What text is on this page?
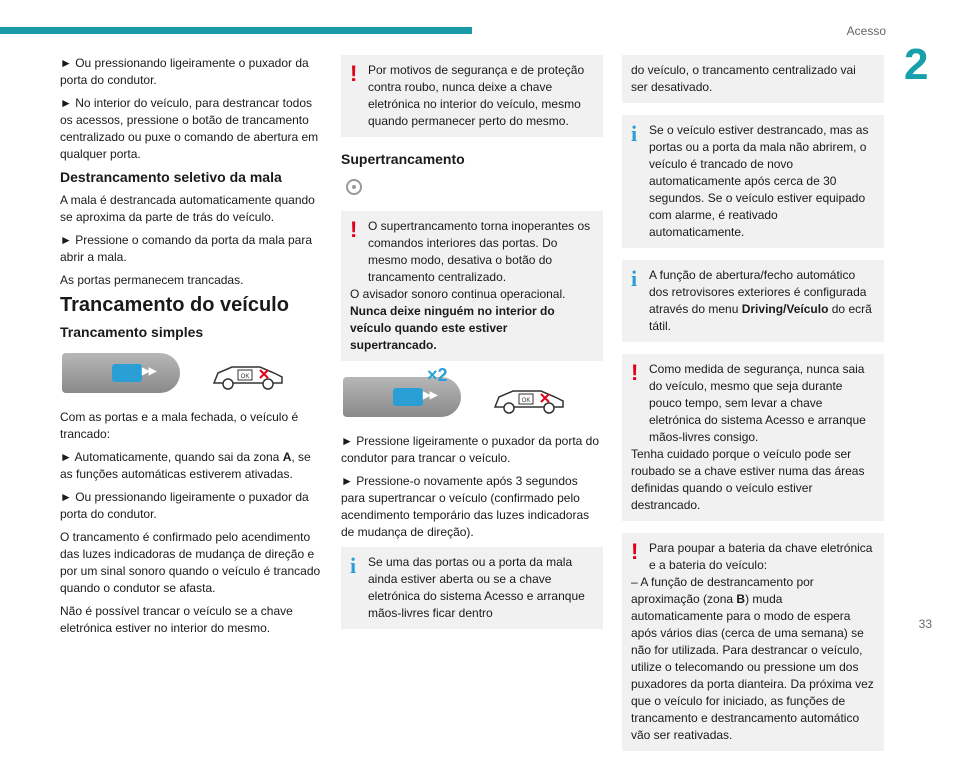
Acesso
2
33

► Ou pressionando ligeiramente o puxador da porta do condutor.

► No interior do veículo, para destrancar todos os acessos, pressione o botão de trancamento centralizado ou puxe o comando de abertura em qualquer porta.

Destrancamento seletivo da mala

A mala é destrancada automaticamente quando se aproxima da parte de trás do veículo.

► Pressione o comando da porta da mala para abrir a mala.

As portas permanecem trancadas.

Trancamento do veículo
Trancamento simples
▶▶	OK

Com as portas e a mala fechada, o veículo é trancado:

► Automaticamente, quando sai da zona A, se as funções automáticas estiverem ativadas.

► Ou pressionando ligeiramente o puxador da porta do condutor.

O trancamento é confirmado pelo acendimento das luzes indicadoras de mudança de direção e por um sinal sonoro quando o veículo é trancado quando o condutor se afasta.

Não é possível trancar o veículo se a chave eletrónica estiver no interior do mesmo.

! Por motivos de segurança e de proteção contra roubo, nunca deixe a chave eletrónica no interior do veículo, mesmo quando permanecer perto do mesmo.
Supertrancamento
! O supertrancamento torna inoperantes os comandos interiores das portas. Do mesmo modo, desativa o botão do trancamento centralizado.
O avisador sonoro continua operacional.
Nunca deixe ninguém no interior do veículo quando este estiver supertrancado.
▶▶
×2
OK

► Pressione ligeiramente o puxador da porta do condutor para trancar o veículo.

► Pressione-o novamente após 3 segundos para supertrancar o veículo (confirmado pelo acendimento temporário das luzes indicadoras de mudança de direção).

i Se uma das portas ou a porta da mala ainda estiver aberta ou se a chave eletrónica do sistema Acesso e arranque mãos-livres ficar dentro
do veículo, o trancamento centralizado vai ser desativado.
i Se o veículo estiver destrancado, mas as portas ou a porta da mala não abrirem, o veículo é trancado de novo automaticamente após cerca de 30 segundos. Se o veículo estiver equipado com alarme, é reativado automaticamente.
i A função de abertura/fecho automático dos retrovisores exteriores é configurada através do menu Driving/Veículo do ecrã tátil.
! Como medida de segurança, nunca saia do veículo, mesmo que seja durante pouco tempo, sem levar a chave eletrónica do sistema Acesso e arranque mãos-livres consigo.
Tenha cuidado porque o veículo pode ser roubado se a chave estiver numa das áreas definidas quando o veículo estiver destrancado.
! Para poupar a bateria da chave eletrónica e a bateria do veículo:
– A função de destrancamento por aproximação (zona B) muda automaticamente para o modo de espera após vários dias (cerca de uma semana) se não for utilizada. Para destrancar o veículo, utilize o telecomando ou pressione um dos puxadores da porta dianteira. Da próxima vez que o veículo for iniciado, as funções de trancamento e destrancamento automático vão ser reativadas.
